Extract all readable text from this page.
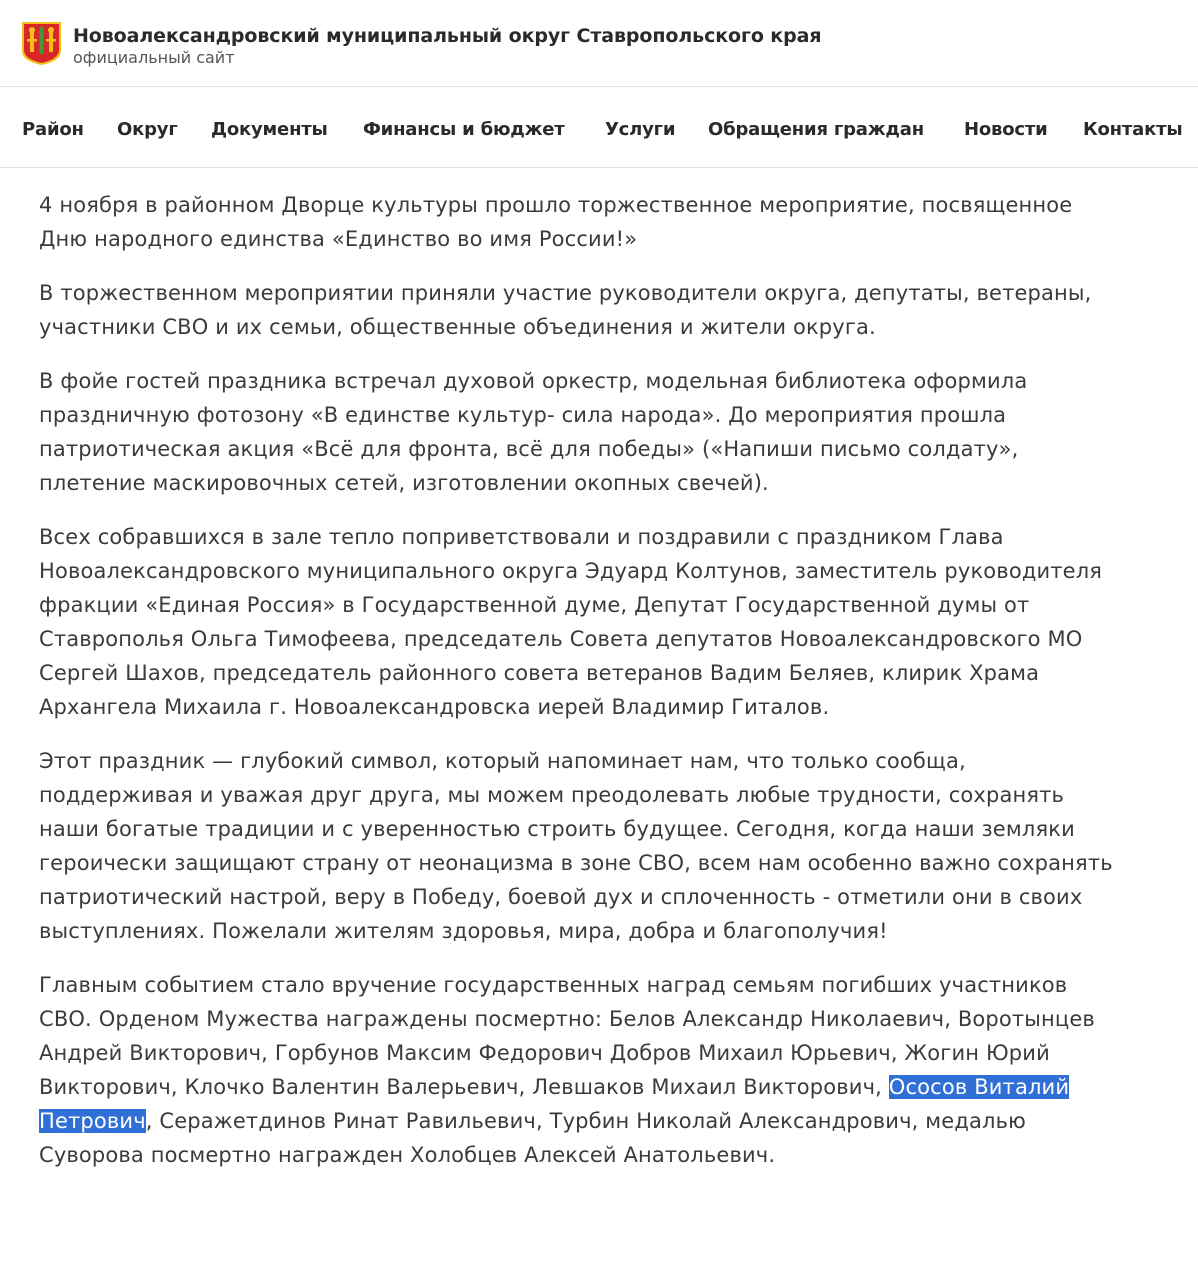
Новоалександровский муниципальный округ Ставропольского края
официальный сайт
Район Округ Документы Финансы и бюджет Услуги Обращения граждан Новости Контакты

4 ноября в районном Дворце культуры прошло торжественное мероприятие, посвященное Дню народного единства «Единство во имя России!»

В торжественном мероприятии приняли участие руководители округа, депутаты, ветераны, участники СВО и их семьи, общественные объединения и жители округа.

В фойе гостей праздника встречал духовой оркестр, модельная библиотека оформила праздничную фотозону «В единстве культур- сила народа». До мероприятия прошла патриотическая акция «Всё для фронта, всё для победы» («Напиши письмо солдату», плетение маскировочных сетей, изготовлении окопных свечей).

Всех собравшихся в зале тепло поприветствовали и поздравили с праздником Глава Новоалександровского муниципального округа Эдуард Колтунов, заместитель руководителя фракции «Единая Россия» в Государственной думе, Депутат Государственной думы от Ставрополья Ольга Тимофеева, председатель Совета депутатов Новоалександровского МО Сергей Шахов, председатель районного совета ветеранов Вадим Беляев, клирик Храма Архангела Михаила г. Новоалександровска иерей Владимир Гиталов.

Этот праздник — глубокий символ, который напоминает нам, что только сообща, поддерживая и уважая друг друга, мы можем преодолевать любые трудности, сохранять наши богатые традиции и с уверенностью строить будущее. Сегодня, когда наши земляки героически защищают страну от неонацизма в зоне СВО, всем нам особенно важно сохранять патриотический настрой, веру в Победу, боевой дух и сплоченность - отметили они в своих выступлениях. Пожелали жителям здоровья, мира, добра и благополучия!

Главным событием стало вручение государственных наград семьям погибших участников СВО. Орденом Мужества награждены посмертно: Белов Александр Николаевич, Воротынцев Андрей Викторович, Горбунов Максим Федорович Добров Михаил Юрьевич, Жогин Юрий Викторович, Клочко Валентин Валерьевич, Левшаков Михаил Викторович, Ососов Виталий Петрович, Серажетдинов Ринат Равильевич, Турбин Николай Александрович, медалью Суворова посмертно награжден Холобцев Алексей Анатольевич.
